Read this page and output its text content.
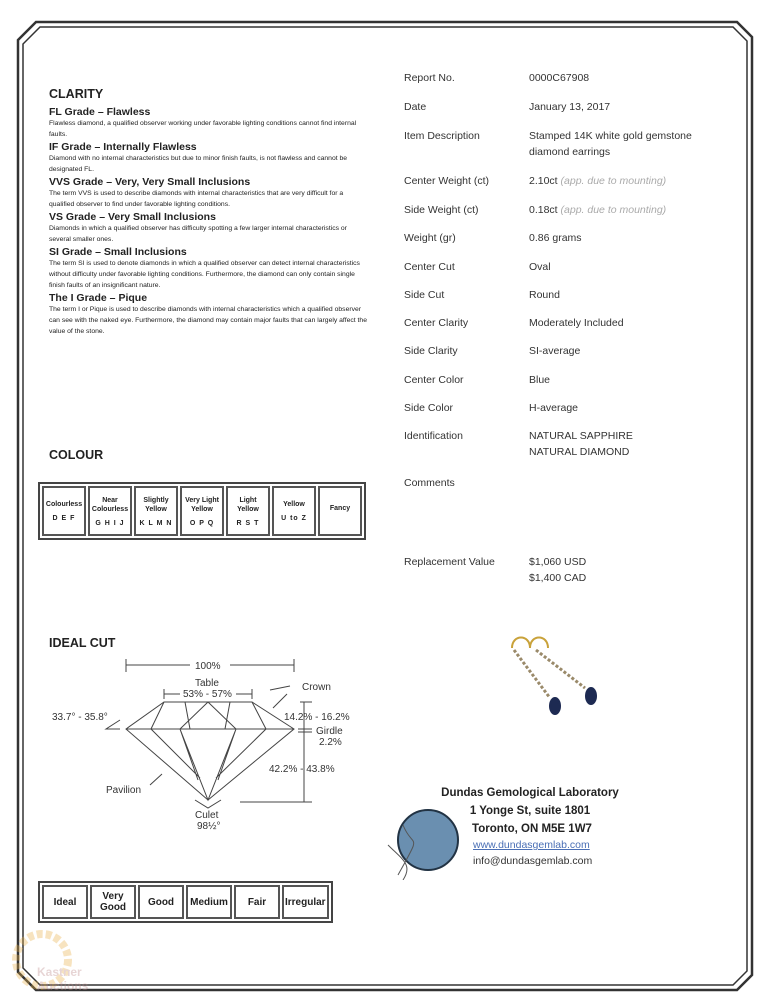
CLARITY
FL Grade – Flawless
Flawless diamond, a qualified observer working under favorable lighting conditions cannot find internal faults.
IF Grade – Internally Flawless
Diamond with no internal characteristics but due to minor finish faults, is not flawless and cannot be designated FL.
VVS Grade – Very, Very Small Inclusions
The term VVS is used to describe diamonds with internal characteristics that are very difficult for a qualified observer to find under favorable lighting conditions.
VS Grade – Very Small Inclusions
Diamonds in which a qualified observer has difficulty spotting a few larger internal characteristics or several smaller ones.
SI Grade – Small Inclusions
The term SI is used to denote diamonds in which a qualified observer can detect internal characteristics without difficulty under favorable lighting conditions. Furthermore, the diamond can only contain single finish faults of an insignificant nature.
The I Grade – Pique
The term I or Pique is used to describe diamonds with internal characteristics which a qualified observer can see with the naked eye. Furthermore, the diamond may contain major faults that can largely affect the value of the stone.
COLOUR
Colourless
D E F

Near Colourless
G H I J

Slightly Yellow
K L M N

Very Light Yellow
O P Q

Light Yellow
R S T

Yellow
U to Z

Fancy
IDEAL CUT
100%
Table
53% - 57%
Crown
33.7° - 35.8°	14.2% - 16.2%
Girdle
2.2%
42.2% - 43.8%
Pavilion
Culet
98½°
Ideal	Very Good	Good	Medium	Fair	Irregular
Report No.	0000C67908
Date	January 13, 2017
Item Description	Stamped 14K white gold gemstone
diamond earrings
Center Weight (ct)	2.10ct (app. due to mounting)
Side Weight (ct)	0.18ct (app. due to mounting)
Weight (gr)	0.86 grams
Center Cut	Oval
Side Cut	Round
Center Clarity	Moderately Included
Side Clarity	SI-average
Center Color	Blue
Side Color	H-average
Identification	NATURAL SAPPHIRE
NATURAL DIAMOND
Comments
Replacement Value	$1,060 USD
$1,400 CAD
Dundas Gemological Laboratory
1 Yonge St, suite 1801
Toronto, ON M5E 1W7
www.dundasgemlab.com
info@dundasgemlab.com
Kastner Auctions
